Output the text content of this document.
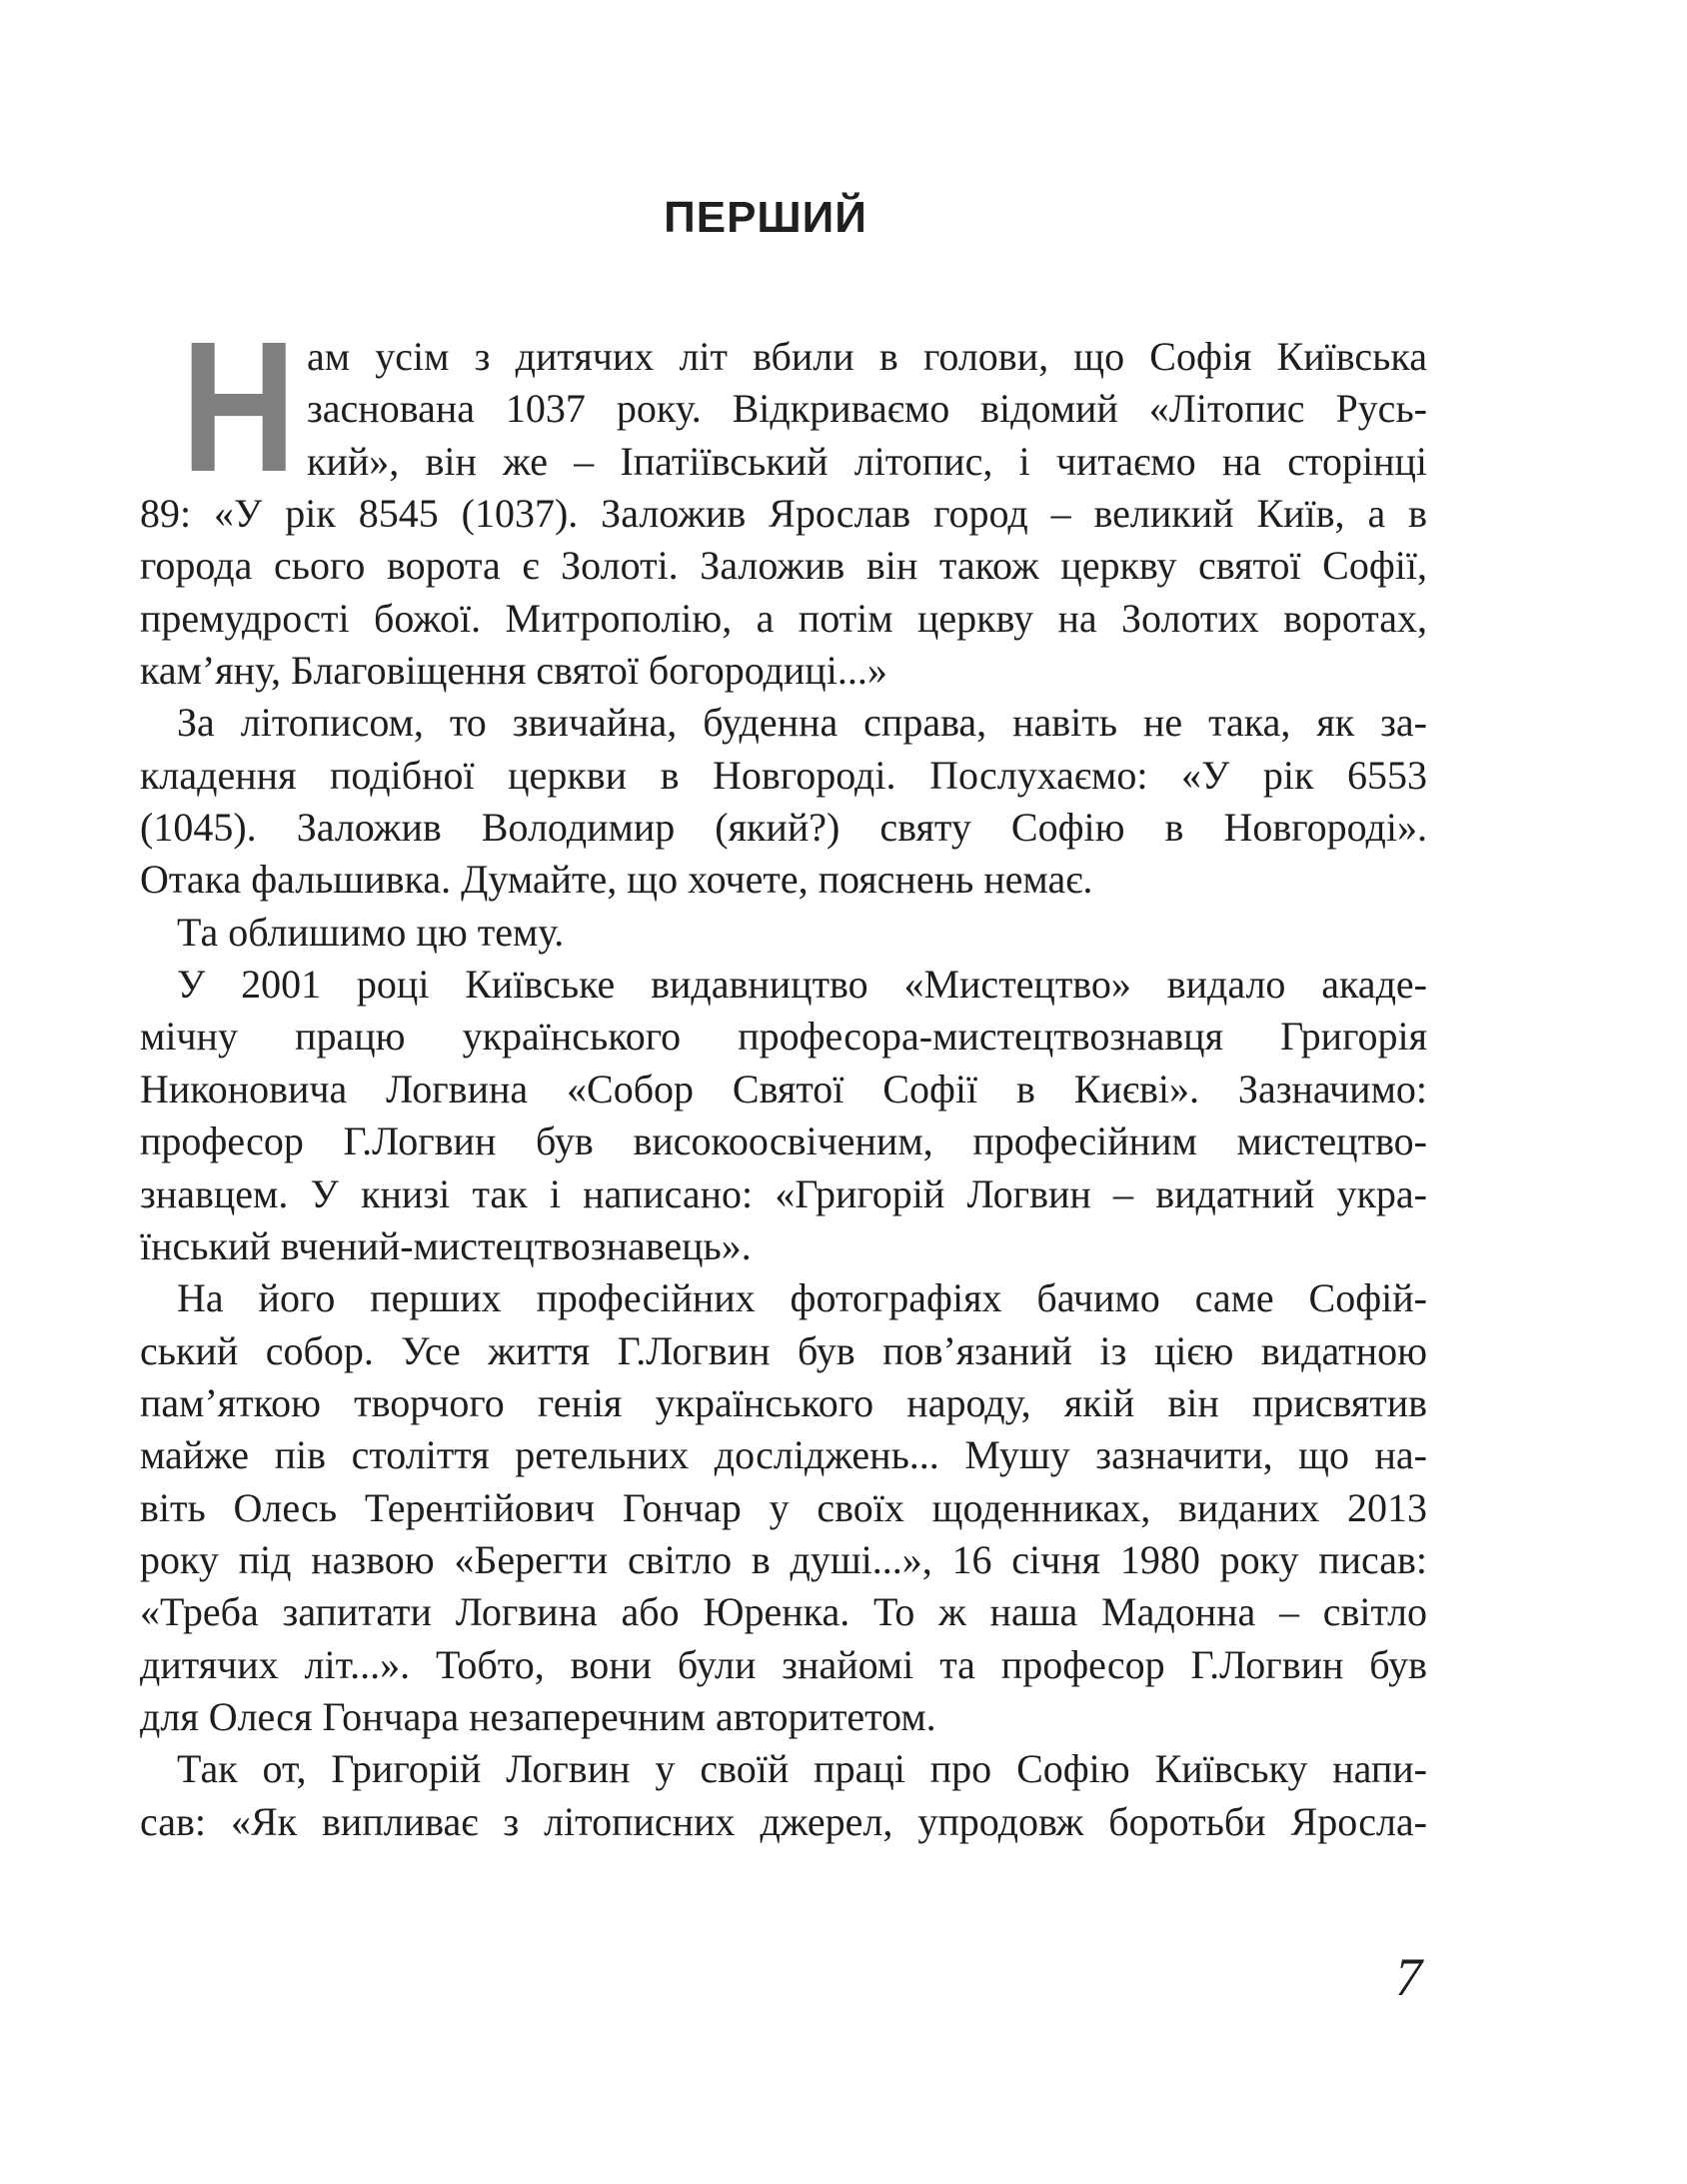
ПЕРШИЙ
Н ам усім з дитячих літ вбили в голови, що Софія Київська
заснована 1037 року. Відкриваємо відомий «Літопис Русь-
кий», він же – Іпатіївський літопис, і читаємо на сторінці
89: «У рік 8545 (1037). Заложив Ярослав город – великий Київ, а в
города сього ворота є Золоті. Заложив він також церкву святої Софії,
премудрості божої. Митрополію, а потім церкву на Золотих воротах,
кам’яну, Благовіщення святої богородиці...»
За літописом, то звичайна, буденна справа, навіть не така, як за-
кладення подібної церкви в Новгороді. Послухаємо: «У рік 6553
(1045). Заложив Володимир (який?) святу Софію в Новгороді».
Отака фальшивка. Думайте, що хочете, пояснень немає.
Та облишимо цю тему.
У 2001 році Київське видавництво «Мистецтво» видало акаде-
мічну працю українського професора-мистецтвознавця Григорія
Никоновича Логвина «Собор Святої Софії в Києві». Зазначимо:
професор Г.Логвин був високоосвіченим, професійним мистецтво-
знавцем. У книзі так і написано: «Григорій Логвин – видатний укра-
їнський вчений-мистецтвознавець».
На його перших професійних фотографіях бачимо саме Софій-
ський собор. Усе життя Г.Логвин був пов’язаний із цією видатною
пам’яткою творчого генія українського народу, якій він присвятив
майже пів століття ретельних досліджень... Мушу зазначити, що на-
віть Олесь Терентійович Гончар у своїх щоденниках, виданих 2013
року під назвою «Берегти світло в душі...», 16 січня 1980 року писав:
«Треба запитати Логвина або Юренка. То ж наша Мадонна – світло
дитячих літ...». Тобто, вони були знайомі та професор Г.Логвин був
для Олеся Гончара незаперечним авторитетом.
Так от, Григорій Логвин у своїй праці про Софію Київську напи-
сав: «Як випливає з літописних джерел, упродовж боротьби Яросла-
7
